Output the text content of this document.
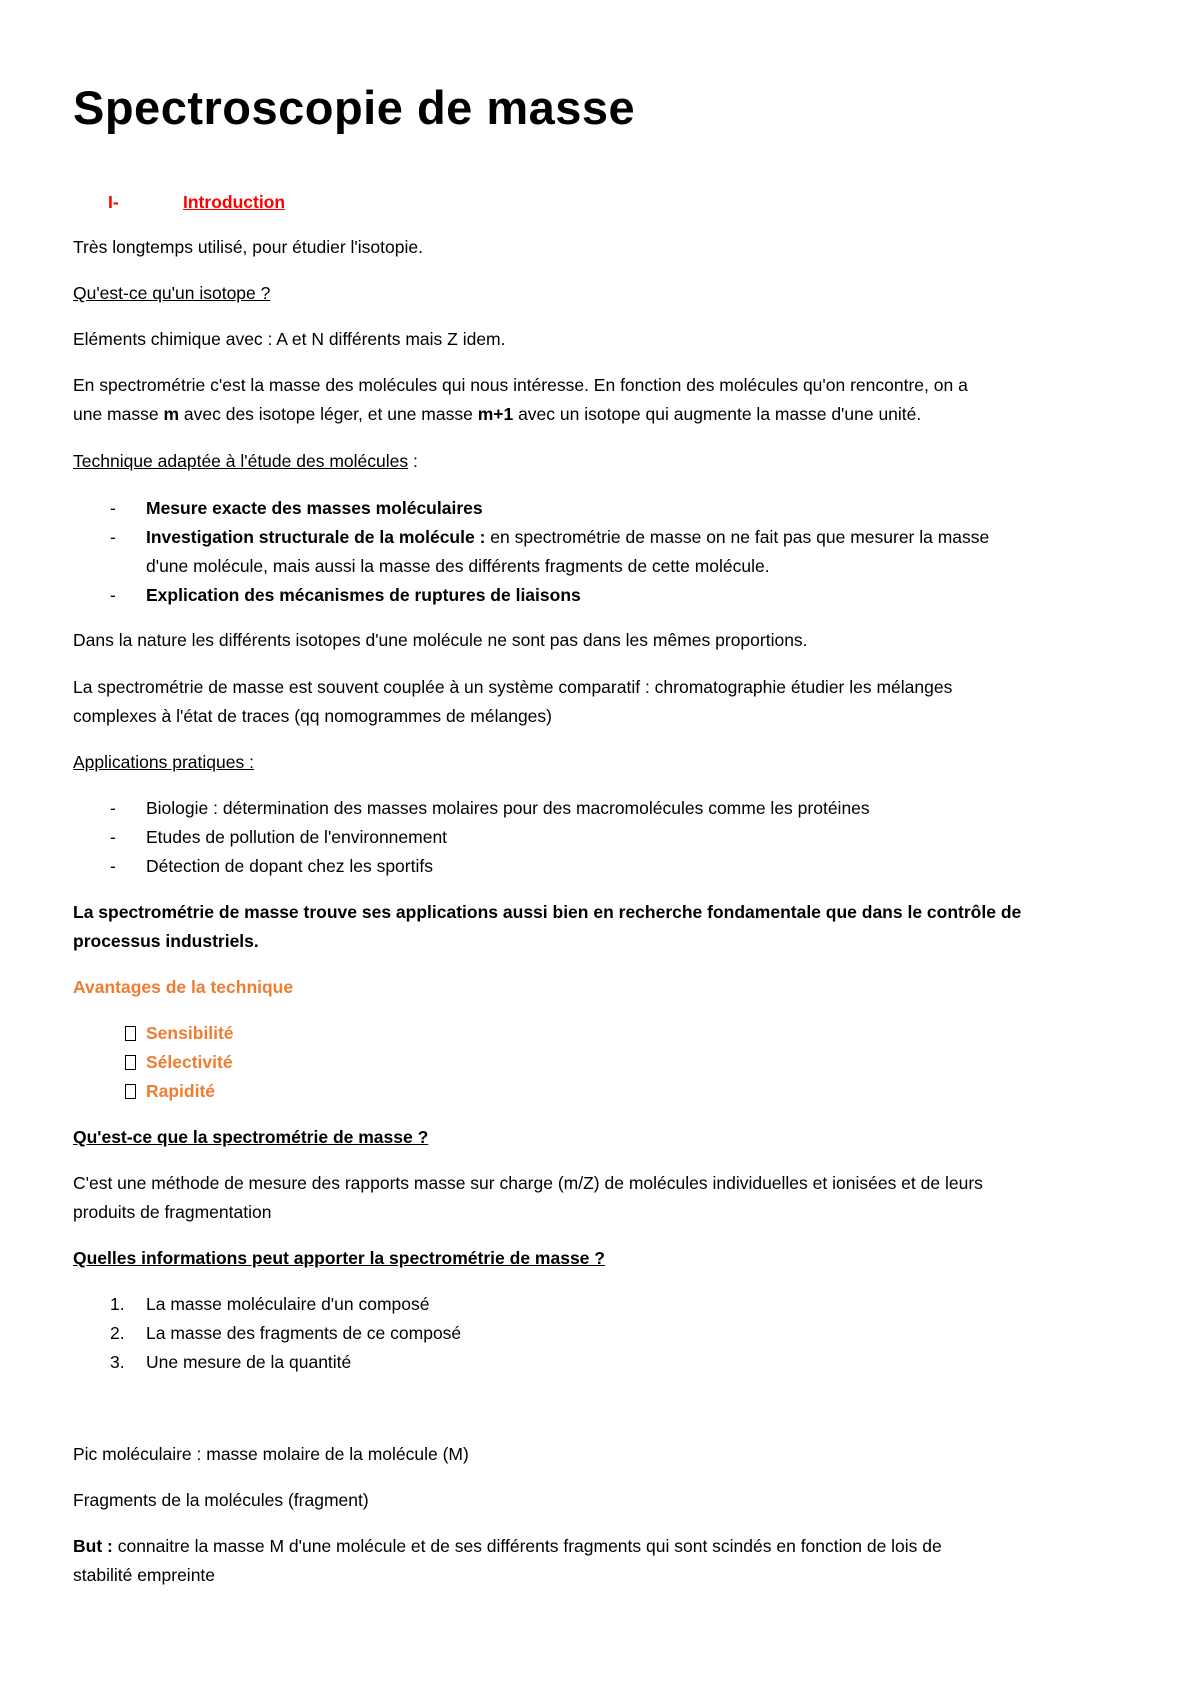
Spectroscopie de masse
I-	Introduction

Très longtemps utilisé, pour étudier l'isotopie.

Qu'est-ce qu'un isotope ?

Eléments chimique avec : A et N différents mais Z idem.

En spectrométrie c'est la masse des molécules qui nous intéresse. En fonction des molécules qu'on rencontre, on a

une masse m avec des isotope léger, et une masse m+1 avec un isotope qui augmente la masse d'une unité.

Technique adaptée à l'étude des molécules :

- Mesure exacte des masses moléculaires

- Investigation structurale de la molécule : en spectrométrie de masse on ne fait pas que mesurer la masse

d'une molécule, mais aussi la masse des différents fragments de cette molécule.

- Explication des mécanismes de ruptures de liaisons

Dans la nature les différents isotopes d'une molécule ne sont pas dans les mêmes proportions.

La spectrométrie de masse est souvent couplée à un système comparatif : chromatographie étudier les mélanges

complexes à l'état de traces (qq nomogrammes de mélanges)

Applications pratiques :

- Biologie : détermination des masses molaires pour des macromolécules comme les protéines

- Etudes de pollution de l'environnement

- Détection de dopant chez les sportifs

La spectrométrie de masse trouve ses applications aussi bien en recherche fondamentale que dans le contrôle de

processus industriels.

Avantages de la technique

Sensibilité

Sélectivité

Rapidité

Qu'est-ce que la spectrométrie de masse ?

C'est une méthode de mesure des rapports masse sur charge (m/Z) de molécules individuelles et ionisées et de leurs

produits de fragmentation

Quelles informations peut apporter la spectrométrie de masse ?

1. La masse moléculaire d'un composé

2. La masse des fragments de ce composé

3. Une mesure de la quantité

Pic moléculaire : masse molaire de la molécule (M)

Fragments de la molécules (fragment)

But : connaitre la masse M d'une molécule et de ses différents fragments qui sont scindés en fonction de lois de

stabilité empreinte
